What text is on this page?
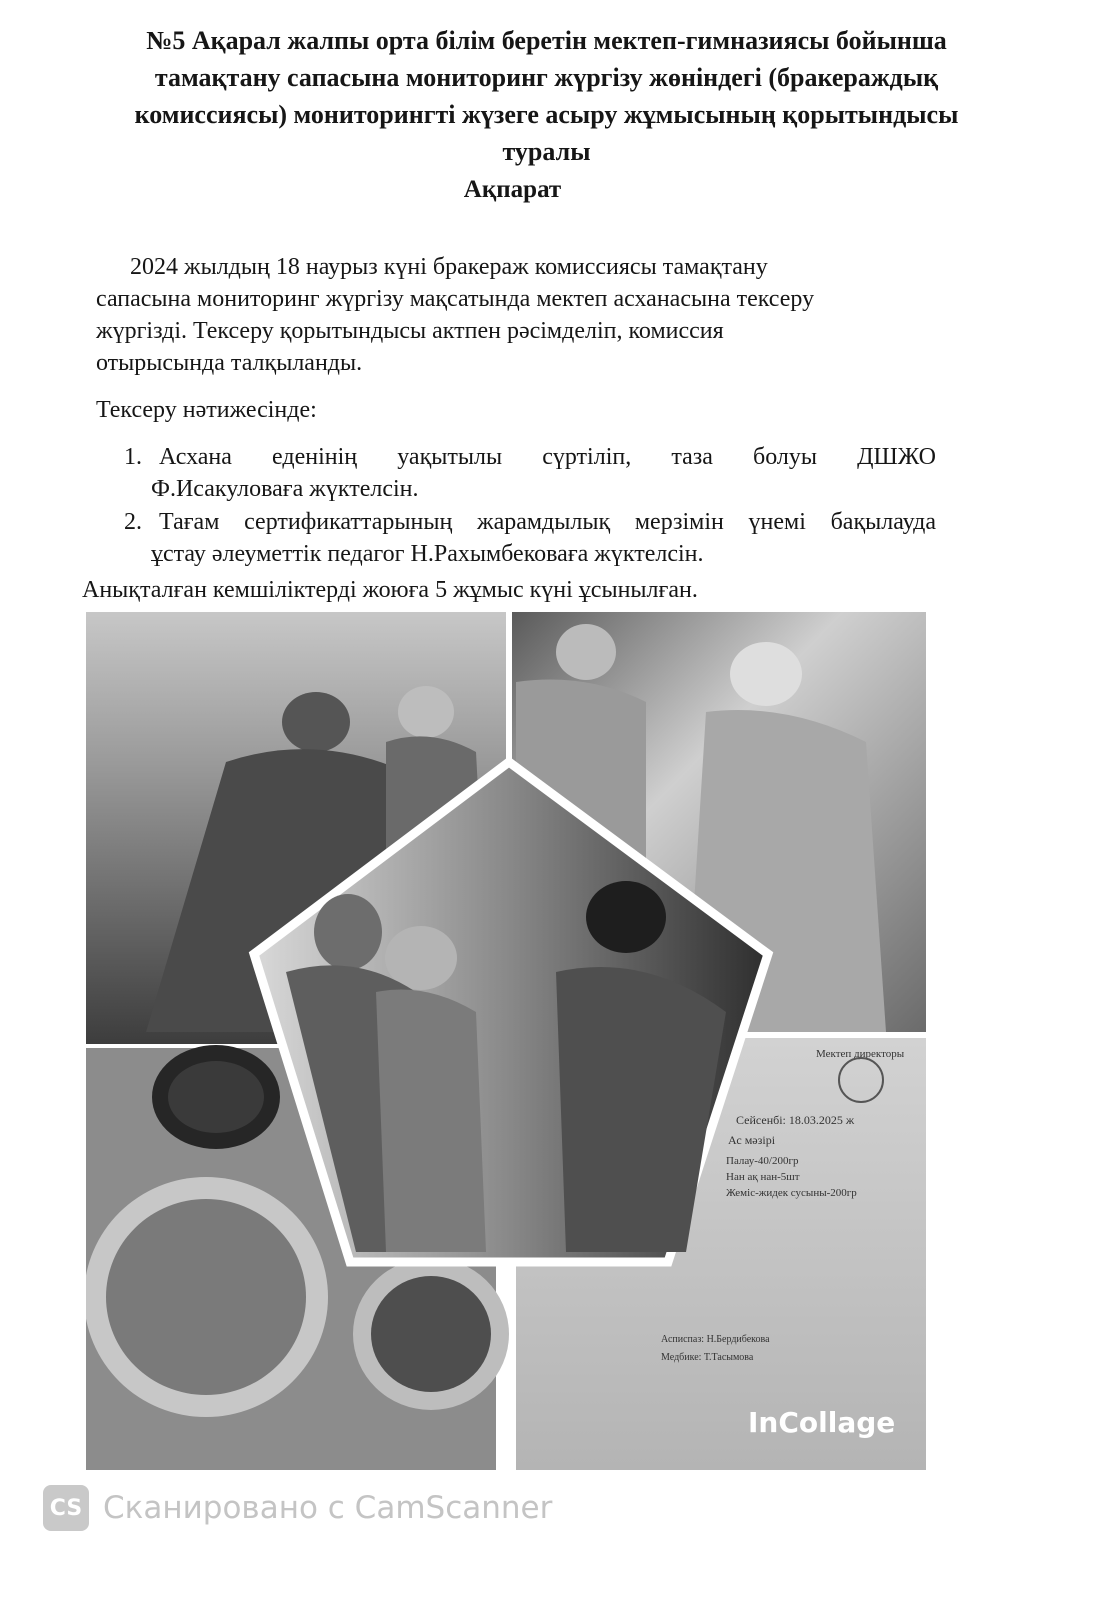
№5 Ақарал жалпы орта білім беретін мектеп-гимназиясы бойынша
тамақтану сапасына мониторинг жүргізу жөніндегі (бракераждық
комиссиясы) мониторингті жүзеге асыру жұмысының қорытындысы
туралы
Ақпарат
2024 жылдың 18 наурыз күні бракераж комиссиясы тамақтану
сапасына мониторинг жүргізу мақсатында мектеп асханасына тексеру
жүргізді. Тексеру қорытындысы актпен рәсімделіп, комиссия
отырысында талқыланды.
Тексеру нәтижесінде:
1. Асхана еденінің уақытылы сүртіліп, таза болуы ДШЖО
Ф.Исакуловаға жүктелсін.
2. Тағам сертификаттарының жарамдылық мерзімін үнемі бақылауда
ұстау әлеуметтік педагог Н.Рахымбековаға жүктелсін.
Анықталған кемшіліктерді жоюға 5 жұмыс күні ұсынылған.
Мектеп директоры
Сейсенбі: 18.03.2025 ж
Ас мәзірі
Палау-40/200гр
Нан ақ нан-5шт
Жеміс-жидек сусыны-200гр
Асписпаз: Н.Бердибекова
Медбике: Т.Тасымова
InCollage
CS Сканировано с CamScanner
